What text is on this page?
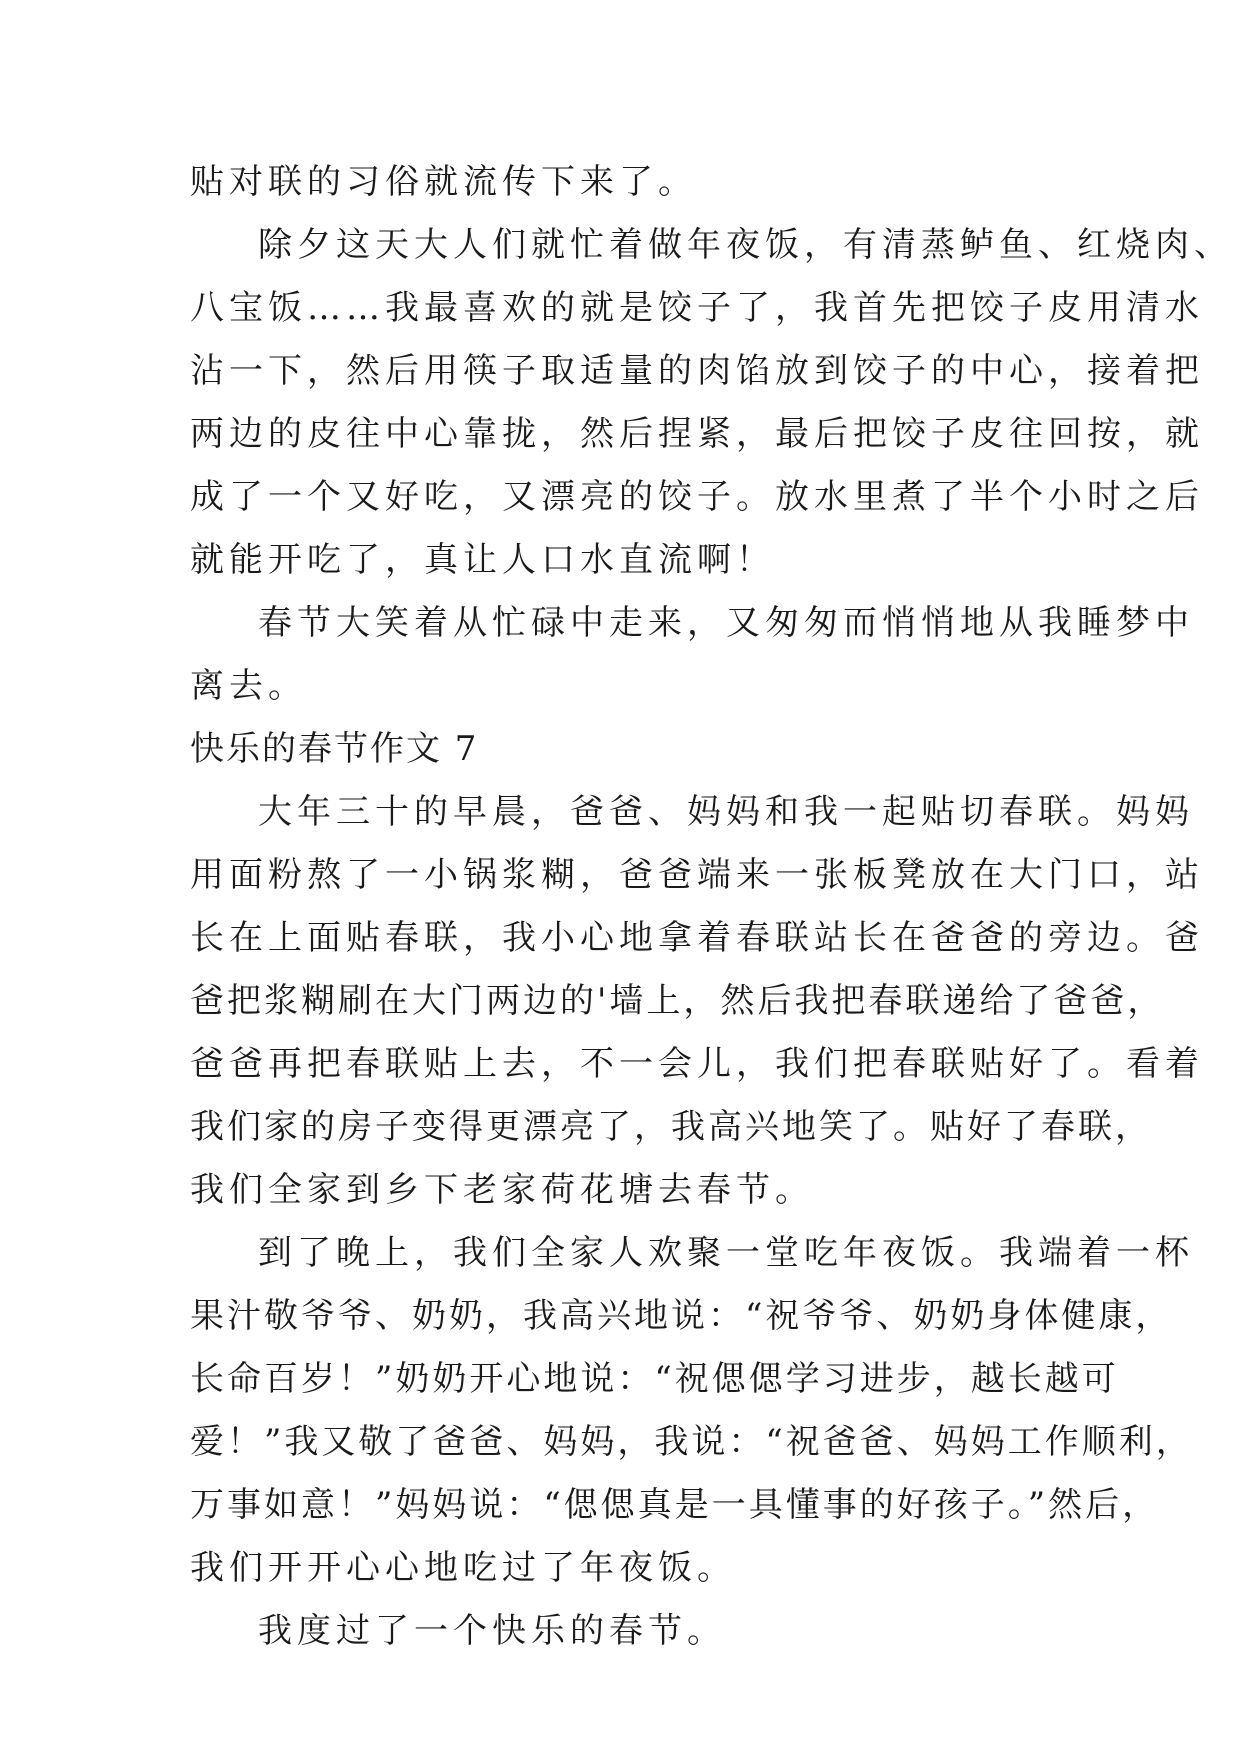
贴对联的习俗就流传下来了。
除夕这天大人们就忙着做年夜饭，有清蒸鲈鱼、红烧肉、
八宝饭……我最喜欢的就是饺子了，我首先把饺子皮用清水
沾一下，然后用筷子取适量的肉馅放到饺子的中心，接着把
两边的皮往中心靠拢，然后捏紧，最后把饺子皮往回按，就
成了一个又好吃，又漂亮的饺子。放水里煮了半个小时之后
就能开吃了，真让人口水直流啊！
春节大笑着从忙碌中走来，又匆匆而悄悄地从我睡梦中
离去。
快乐的春节作文 7
大年三十的早晨，爸爸、妈妈和我一起贴切春联。妈妈
用面粉熬了一小锅浆糊，爸爸端来一张板凳放在大门口，站
长在上面贴春联，我小心地拿着春联站长在爸爸的旁边。爸
爸把浆糊刷在大门两边的'墙上，然后我把春联递给了爸爸，
爸爸再把春联贴上去，不一会儿，我们把春联贴好了。看着
我们家的房子变得更漂亮了，我高兴地笑了。贴好了春联，
我们全家到乡下老家荷花塘去春节。
到了晚上，我们全家人欢聚一堂吃年夜饭。我端着一杯
果汁敬爷爷、奶奶，我高兴地说：“祝爷爷、奶奶身体健康，
长命百岁！”奶奶开心地说：“祝偲偲学习进步，越长越可
爱！”我又敬了爸爸、妈妈，我说：“祝爸爸、妈妈工作顺利，
万事如意！”妈妈说：“偲偲真是一具懂事的好孩子。”然后，
我们开开心心地吃过了年夜饭。
我度过了一个快乐的春节。
